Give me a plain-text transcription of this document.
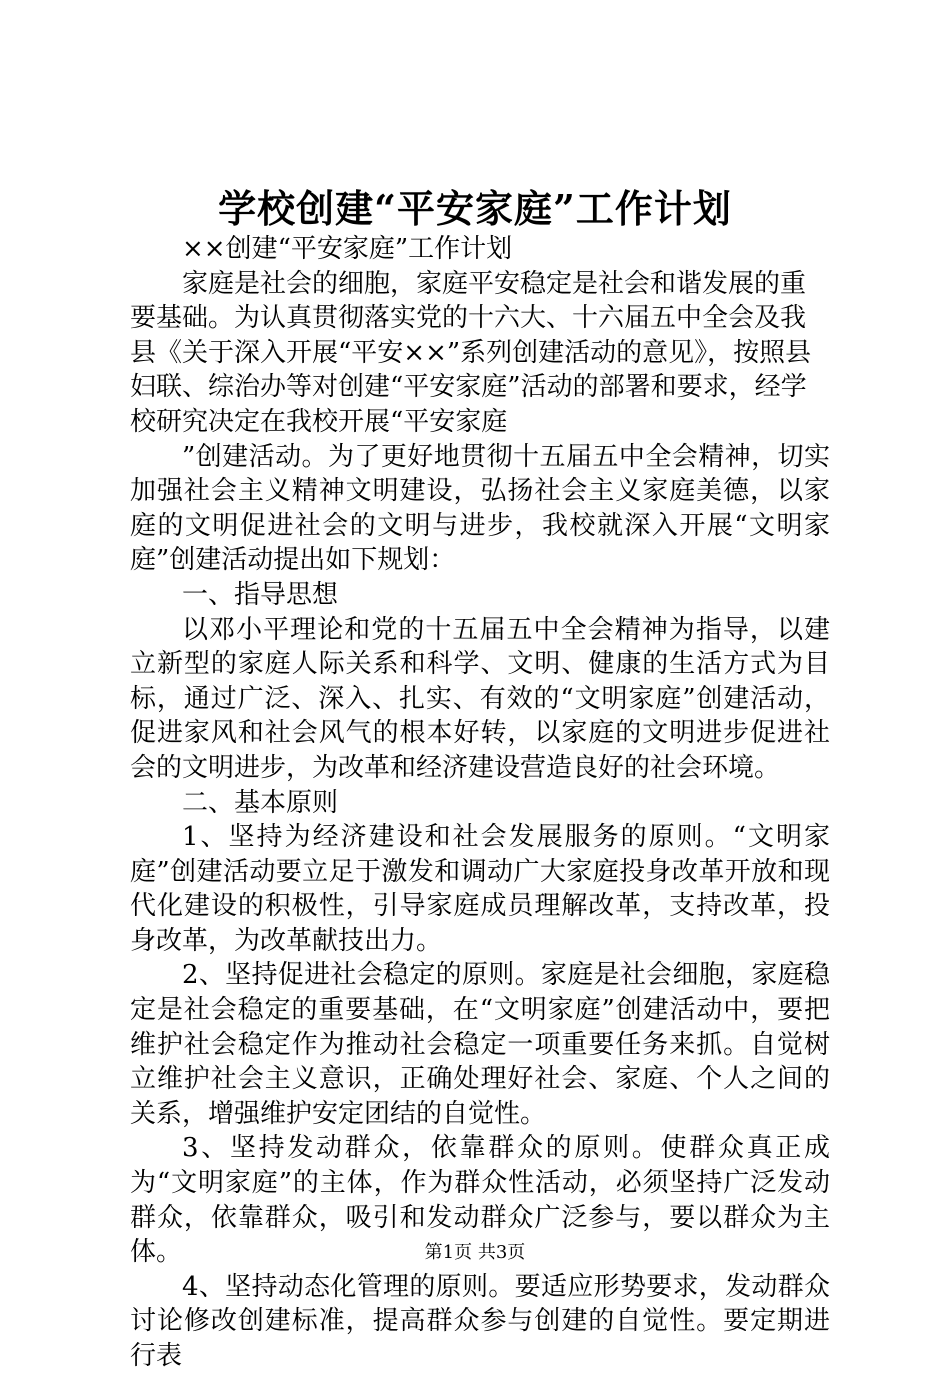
学校创建“平安家庭”工作计划

××创建“平安家庭”工作计划

家庭是社会的细胞，家庭平安稳定是社会和谐发展的重要基础。为认真贯彻落实党的十六大、十六届五中全会及我县《关于深入开展“平安××”系列创建活动的意见》，按照县妇联、综治办等对创建“平安家庭”活动的部署和要求，经学校研究决定在我校开展“平安家庭

”创建活动。为了更好地贯彻十五届五中全会精神，切实加强社会主义精神文明建设，弘扬社会主义家庭美德，以家庭的文明促进社会的文明与进步，我校就深入开展“文明家庭”创建活动提出如下规划：

一、指导思想

以邓小平理论和党的十五届五中全会精神为指导，以建立新型的家庭人际关系和科学、文明、健康的生活方式为目标，通过广泛、深入、扎实、有效的“文明家庭”创建活动，促进家风和社会风气的根本好转，以家庭的文明进步促进社会的文明进步，为改革和经济建设营造良好的社会环境。

二、基本原则

1、坚持为经济建设和社会发展服务的原则。“文明家庭”创建活动要立足于激发和调动广大家庭投身改革开放和现代化建设的积极性，引导家庭成员理解改革，支持改革，投身改革，为改革献技出力。

2、坚持促进社会稳定的原则。家庭是社会细胞，家庭稳定是社会稳定的重要基础，在“文明家庭”创建活动中，要把维护社会稳定作为推动社会稳定一项重要任务来抓。自觉树立维护社会主义意识，正确处理好社会、家庭、个人之间的关系，增强维护安定团结的自觉性。

3、坚持发动群众，依靠群众的原则。使群众真正成为“文明家庭”的主体，作为群众性活动，必须坚持广泛发动群众，依靠群众，吸引和发动群众广泛参与，要以群众为主体。

4、坚持动态化管理的原则。要适应形势要求，发动群众讨论修改创建标准，提高群众参与创建的自觉性。要定期进行表

第1页 共3页
